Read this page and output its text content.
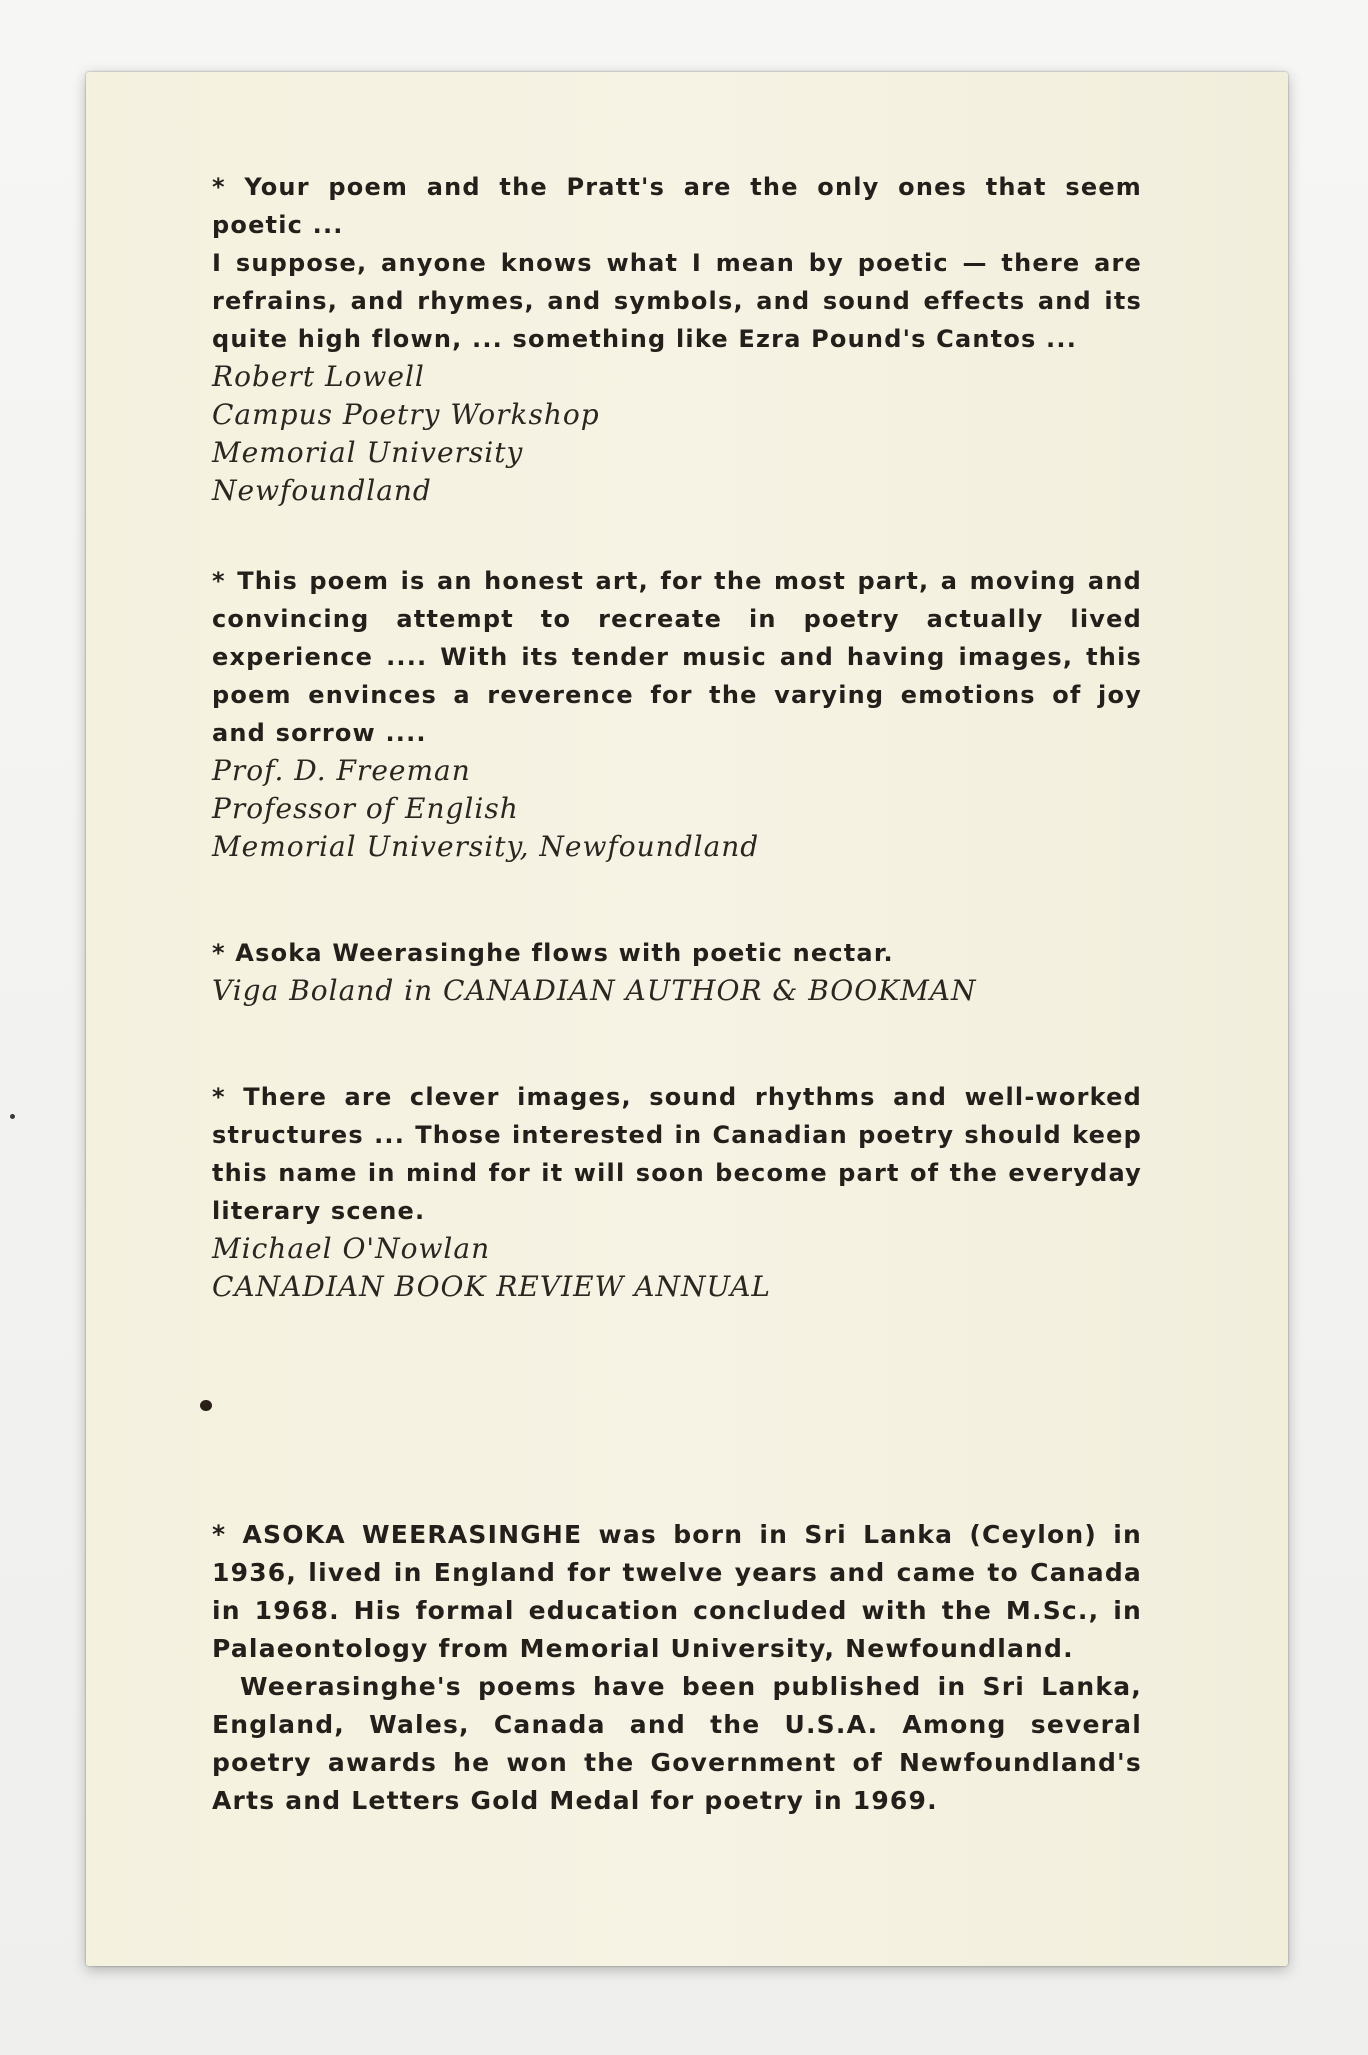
* Your poem and the Pratt's are the only ones that seem poetic ...
I suppose, anyone knows what I mean by poetic — there are refrains, and rhymes, and symbols, and sound effects and its quite high flown, ... something like Ezra Pound's Cantos ...

Robert Lowell

Campus Poetry Workshop

Memorial University

Newfoundland

* This poem is an honest art, for the most part, a moving and convincing attempt to recreate in poetry actually lived experience .... With its tender music and having images, this poem envinces a reverence for the varying emotions of joy and sorrow ....

Prof. D. Freeman

Professor of English

Memorial University, Newfoundland

* Asoka Weerasinghe flows with poetic nectar.

Viga Boland in CANADIAN AUTHOR & BOOKMAN

* There are clever images, sound rhythms and well-worked structures ... Those interested in Canadian poetry should keep this name in mind for it will soon become part of the everyday literary scene.

Michael O'Nowlan

CANADIAN BOOK REVIEW ANNUAL

* ASOKA WEERASINGHE was born in Sri Lanka (Ceylon) in 1936, lived in England for twelve years and came to Canada in 1968. His formal education concluded with the M.Sc., in Palaeontology from Memorial University, Newfoundland.

Weerasinghe's poems have been published in Sri Lanka, England, Wales, Canada and the U.S.A. Among several poetry awards he won the Government of Newfoundland's Arts and Letters Gold Medal for poetry in 1969.
